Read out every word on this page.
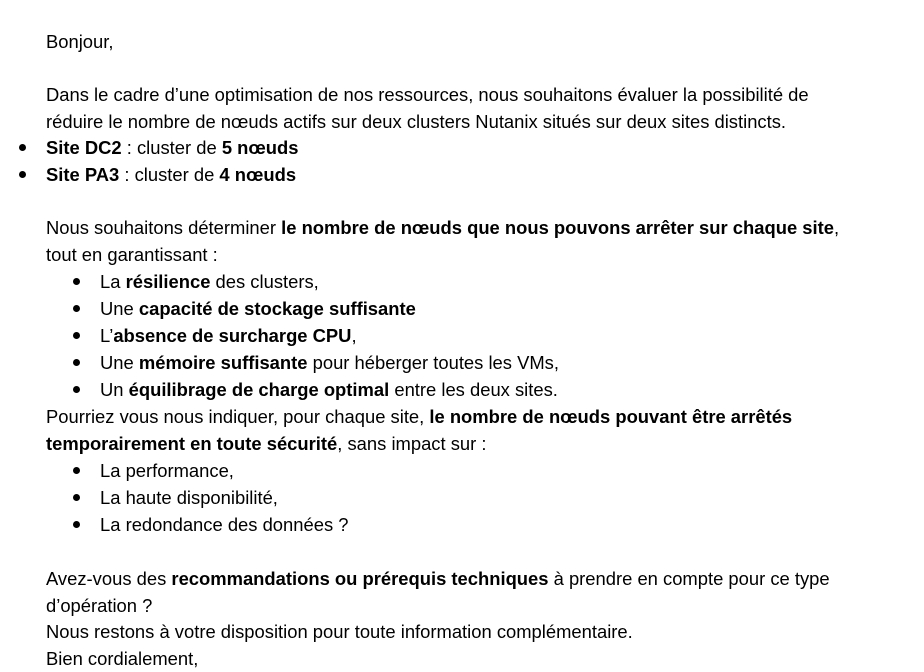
Bonjour,
Dans le cadre d’une optimisation de nos ressources, nous souhaitons évaluer la possibilité de
réduire le nombre de nœuds actifs sur deux clusters Nutanix situés sur deux sites distincts.
Site DC2 : cluster de 5 nœuds
Site PA3 : cluster de 4 nœuds
Nous souhaitons déterminer le nombre de nœuds que nous pouvons arrêter sur chaque site,
tout en garantissant :
La résilience des clusters,
Une capacité de stockage suffisante
L’absence de surcharge CPU,
Une mémoire suffisante pour héberger toutes les VMs,
Un équilibrage de charge optimal entre les deux sites.
Pourriez vous nous indiquer, pour chaque site, le nombre de nœuds pouvant être arrêtés
temporairement en toute sécurité, sans impact sur :
La performance,
La haute disponibilité,
La redondance des données ?
Avez-vous des recommandations ou prérequis techniques à prendre en compte pour ce type
d’opération ?
Nous restons à votre disposition pour toute information complémentaire.
Bien cordialement,
